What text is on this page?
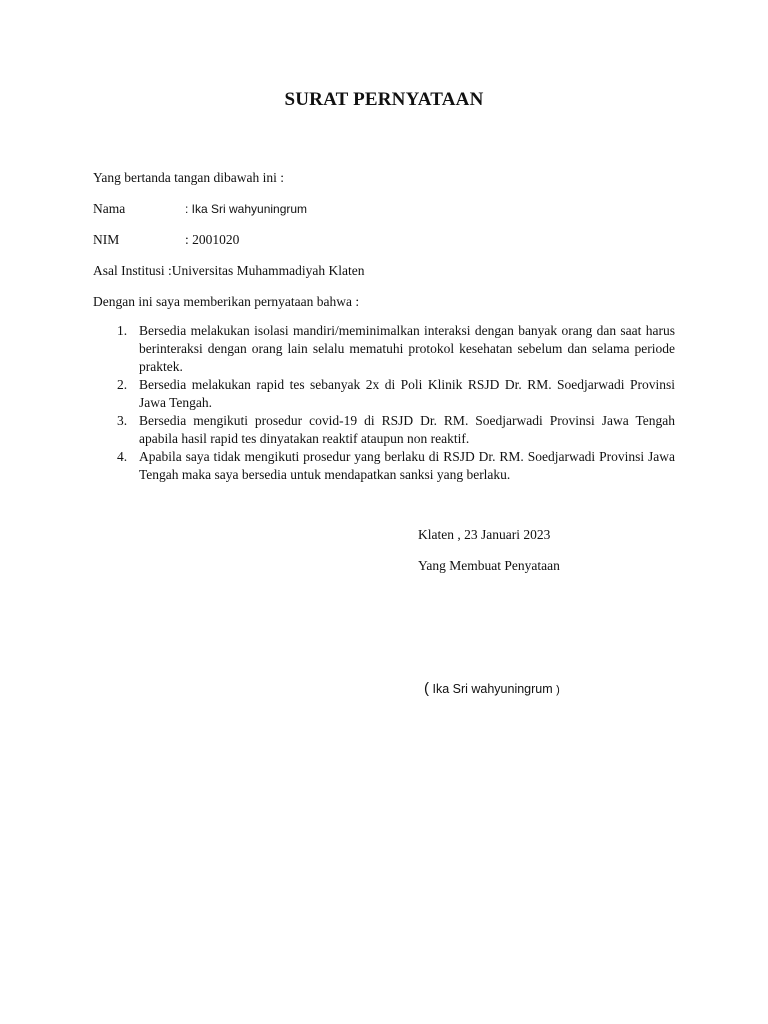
SURAT PERNYATAAN
Yang bertanda tangan dibawah ini :
Nama	: Ika Sri wahyuningrum
NIM	: 2001020
Asal Institusi :Universitas Muhammadiyah Klaten
Dengan ini saya memberikan pernyataan bahwa :
1. Bersedia melakukan isolasi mandiri/meminimalkan interaksi dengan banyak orang dan saat harus berinteraksi dengan orang lain selalu mematuhi protokol kesehatan sebelum dan selama periode praktek.
2. Bersedia melakukan rapid tes sebanyak 2x di Poli Klinik RSJD Dr. RM. Soedjarwadi Provinsi Jawa Tengah.
3. Bersedia mengikuti prosedur covid-19 di RSJD Dr. RM. Soedjarwadi Provinsi Jawa Tengah apabila hasil rapid tes dinyatakan reaktif ataupun non reaktif.
4. Apabila saya tidak mengikuti prosedur yang berlaku di RSJD Dr. RM. Soedjarwadi Provinsi Jawa Tengah maka saya bersedia untuk mendapatkan sanksi yang berlaku.
Klaten , 23 Januari 2023
Yang Membuat Penyataan
( Ika Sri wahyuningrum )
